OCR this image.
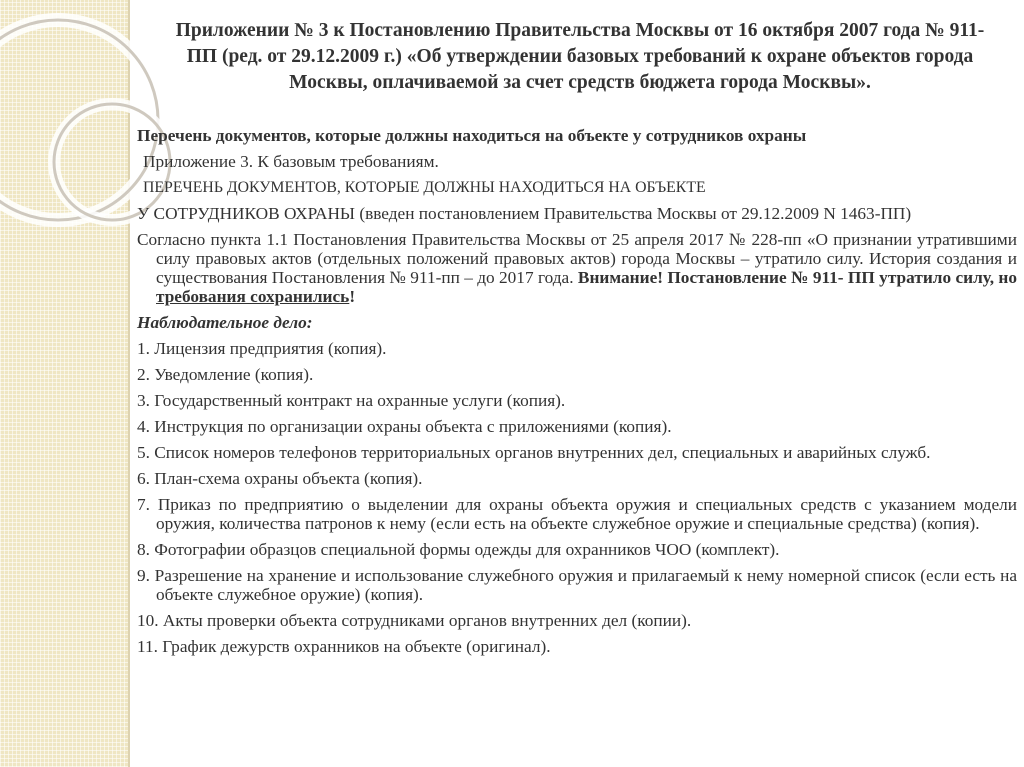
Приложении № 3 к Постановлению Правительства Москвы от 16 октября 2007 года № 911-ПП (ред. от 29.12.2009 г.) «Об утверждении базовых требований к охране объектов города Москвы, оплачиваемой за счет средств бюджета города Москвы».
Перечень документов, которые должны находиться на объекте у сотрудников охраны
Приложение 3. К базовым требованиям.
ПЕРЕЧЕНЬ ДОКУМЕНТОВ, КОТОРЫЕ ДОЛЖНЫ НАХОДИТЬСЯ НА ОБЪЕКТЕ
У СОТРУДНИКОВ ОХРАНЫ (введен постановлением Правительства Москвы от 29.12.2009 N 1463-ПП)
Согласно пункта 1.1 Постановления Правительства Москвы от 25 апреля 2017 № 228-пп «О признании утратившими силу правовых актов (отдельных положений правовых актов) города Москвы – утратило силу. История создания и существования Постановления № 911-пп – до 2017 года. Внимание! Постановление № 911- ПП утратило силу, но требования сохранились!
Наблюдательное дело:
1. Лицензия предприятия (копия).
2. Уведомление (копия).
3. Государственный контракт на охранные услуги (копия).
4. Инструкция по организации охраны объекта с приложениями (копия).
5. Список номеров телефонов территориальных органов внутренних дел, специальных и аварийных служб.
6. План-схема охраны объекта (копия).
7. Приказ по предприятию о выделении для охраны объекта оружия и специальных средств с указанием модели оружия, количества патронов к нему (если есть на объекте служебное оружие и специальные средства) (копия).
8. Фотографии образцов специальной формы одежды для охранников ЧОО (комплект).
9. Разрешение на хранение и использование служебного оружия и прилагаемый к нему номерной список (если есть на объекте служебное оружие) (копия).
10. Акты проверки объекта сотрудниками органов внутренних дел (копии).
11. График дежурств охранников на объекте (оригинал).
